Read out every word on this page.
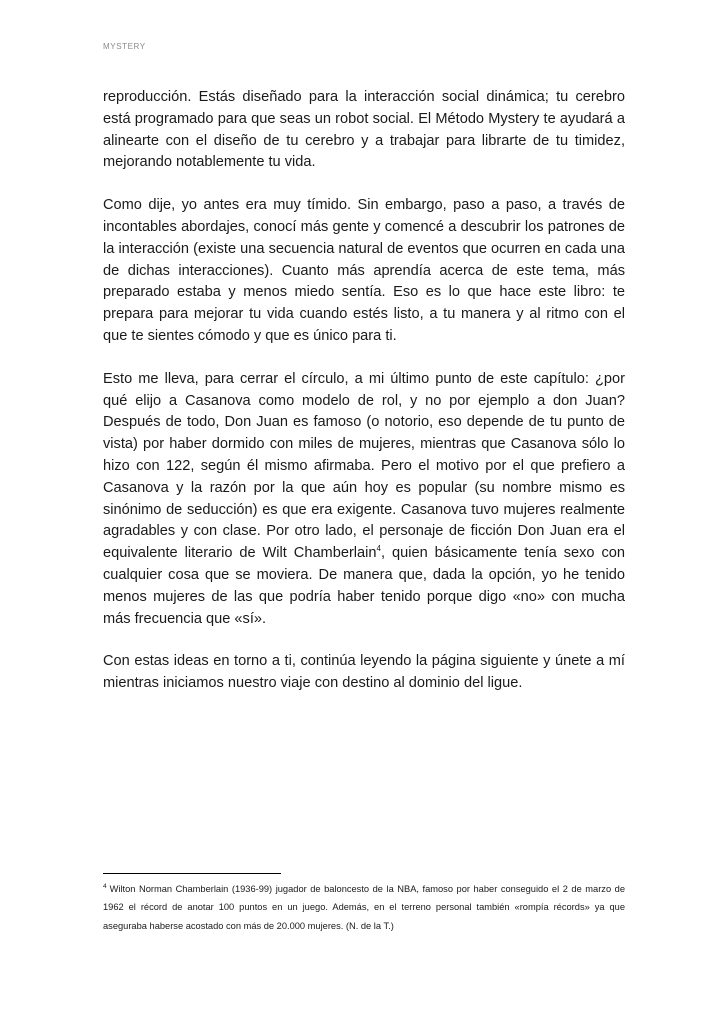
MYSTERY

reproducción. Estás diseñado para la interacción social dinámica; tu cerebro está programado para que seas un robot social. El Método Mystery te ayudará a alinearte con el diseño de tu cerebro y a trabajar para librarte de tu timidez, mejorando notablemente tu vida.

Como dije, yo antes era muy tímido. Sin embargo, paso a paso, a través de incontables abordajes, conocí más gente y comencé a descubrir los patrones de la interacción (existe una secuencia natural de eventos que ocurren en cada una de dichas interacciones). Cuanto más aprendía acerca de este tema, más preparado estaba y menos miedo sentía. Eso es lo que hace este libro: te prepara para mejorar tu vida cuando estés listo, a tu manera y al ritmo con el que te sientes cómodo y que es único para ti.

Esto me lleva, para cerrar el círculo, a mi último punto de este capítulo: ¿por qué elijo a Casanova como modelo de rol, y no por ejemplo a don Juan? Después de todo, Don Juan es famoso (o notorio, eso depende de tu punto de vista) por haber dormido con miles de mujeres, mientras que Casanova sólo lo hizo con 122, según él mismo afirmaba. Pero el motivo por el que prefiero a Casanova y la razón por la que aún hoy es popular (su nombre mismo es sinónimo de seducción) es que era exigente. Casanova tuvo mujeres realmente agradables y con clase. Por otro lado, el personaje de ficción Don Juan era el equivalente literario de Wilt Chamberlain$^4$, quien básicamente tenía sexo con cualquier cosa que se moviera. De manera que, dada la opción, yo he tenido menos mujeres de las que podría haber tenido porque digo «no» con mucha más frecuencia que «sí».

Con estas ideas en torno a ti, continúa leyendo la página siguiente y únete a mí mientras iniciamos nuestro viaje con destino al dominio del ligue.

$^4$ Wilton Norman Chamberlain (1936-99) jugador de baloncesto de la NBA, famoso por haber conseguido el 2 de marzo de 1962 el récord de anotar 100 puntos en un juego. Además, en el terreno personal también «rompía récords» ya que aseguraba haberse acostado con más de 20.000 mujeres. (N. de la T.)
